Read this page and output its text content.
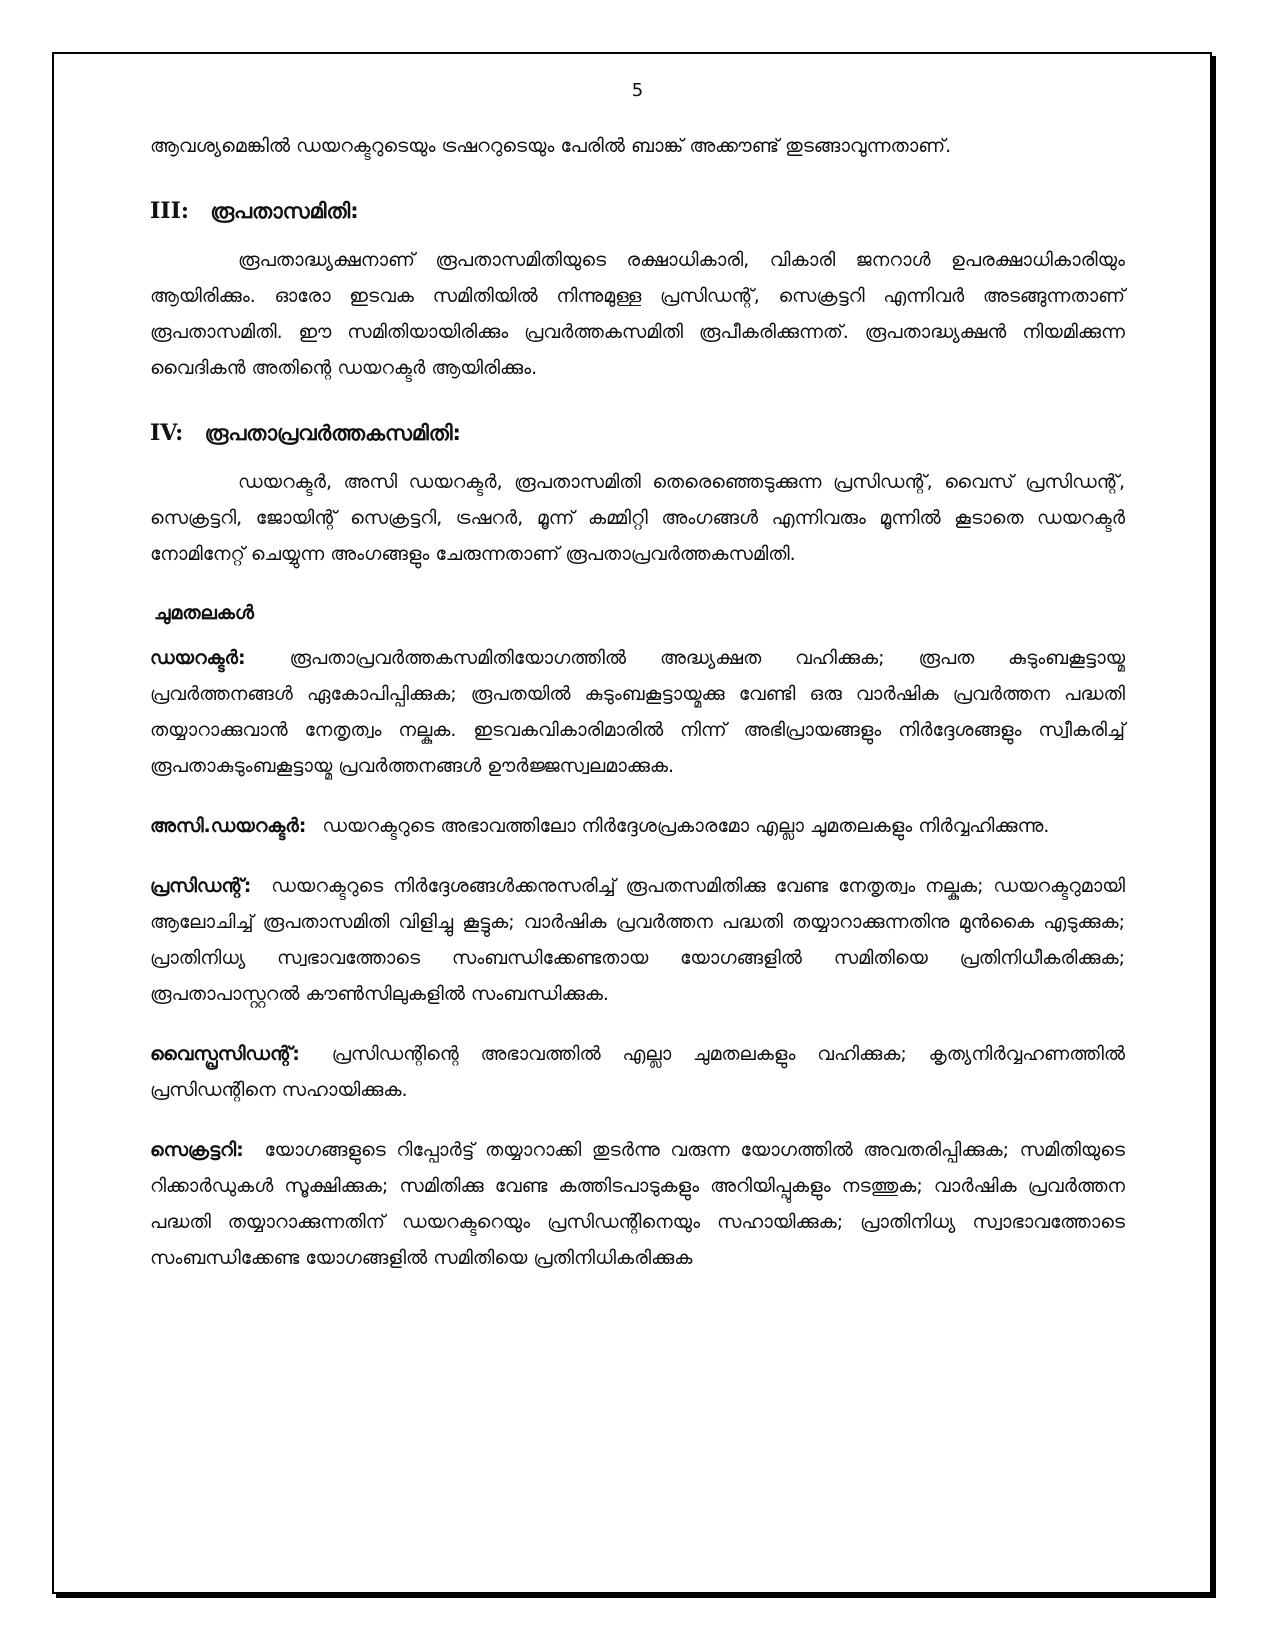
5

ആവശ്യമെങ്കിൽ ഡയറക്ടറുടെയും ട്രഷററുടെയും പേരിൽ ബാങ്ക് അക്കൗണ്ട് തുടങ്ങാവുന്നതാണ്.

III: രൂപതാസമിതി:

രൂപതാദ്ധ്യക്ഷനാണ് രൂപതാസമിതിയുടെ രക്ഷാധികാരി, വികാരി ജനറാൾ ഉപരക്ഷാധികാരിയും ആയിരിക്കും. ഓരോ ഇടവക സമിതിയിൽ നിന്നുമുള്ള പ്രസിഡന്റ്, സെക്രട്ടറി എന്നിവർ അടങ്ങുന്നതാണ് രൂപതാസമിതി. ഈ സമിതിയായിരിക്കും പ്രവർത്തകസമിതി രൂപീകരിക്കുന്നത്. രൂപതാദ്ധ്യക്ഷൻ നിയമിക്കുന്ന വൈദികൻ അതിന്റെ ഡയറക്ടർ ആയിരിക്കും.

IV: രൂപതാപ്രവർത്തകസമിതി:

ഡയറക്ടർ, അസി ഡയറക്ടർ, രൂപതാസമിതി തെരെഞ്ഞെടുക്കുന്ന പ്രസിഡന്റ്, വൈസ് പ്രസിഡന്റ്, സെക്രട്ടറി, ജോയിന്റ് സെക്രട്ടറി, ട്രഷറർ, മൂന്ന് കമ്മിറ്റി അംഗങ്ങൾ എന്നിവരും മൂന്നിൽ കൂടാതെ ഡയറക്ടർ നോമിനേറ്റ് ചെയ്യുന്ന അംഗങ്ങളും ചേരുന്നതാണ് രൂപതാപ്രവർത്തകസമിതി.

ചുമതലകൾ

ഡയറക്ടർ: രൂപതാപ്രവർത്തകസമിതിയോഗത്തിൽ അദ്ധ്യക്ഷത വഹിക്കുക; രൂപത കുടുംബകൂട്ടായ്മ പ്രവർത്തനങ്ങൾ ഏകോപിപ്പിക്കുക; രൂപതയിൽ കുടുംബകൂട്ടായ്മക്കു വേണ്ടി ഒരു വാർഷിക പ്രവർത്തന പദ്ധതി തയ്യാറാക്കുവാൻ നേതൃത്വം നല്കുക. ഇടവകവികാരിമാരിൽ നിന്ന് അഭിപ്രായങ്ങളും നിർദ്ദേശങ്ങളും സ്വീകരിച്ച് രൂപതാകുടുംബകൂട്ടായ്മ പ്രവർത്തനങ്ങൾ ഊർജ്ജസ്വലമാക്കുക.

അസി.ഡയറക്ടർ: ഡയറക്ടറുടെ അഭാവത്തിലോ നിർദ്ദേശപ്രകാരമോ എല്ലാ ചുമതലകളും നിർവ്വഹിക്കുന്നു.

പ്രസിഡന്റ്: ഡയറക്ടറുടെ നിർദ്ദേശങ്ങൾക്കനുസരിച്ച് രൂപതസമിതിക്കു വേണ്ട നേതൃത്വം നല്കുക; ഡയറക്ടറുമായി ആലോചിച്ച് രൂപതാസമിതി വിളിച്ചു കൂട്ടുക; വാർഷിക പ്രവർത്തന പദ്ധതി തയ്യാറാക്കുന്നതിനു മുൻകൈ എടുക്കുക; പ്രാതിനിധ്യ സ്വഭാവത്തോടെ സംബന്ധിക്കേണ്ടതായ യോഗങ്ങളിൽ സമിതിയെ പ്രതിനിധീകരിക്കുക; രൂപതാപാസ്റ്ററൽ കൗൺസിലുകളിൽ സംബന്ധിക്കുക.

വൈസ്പ്രസിഡന്റ്: പ്രസിഡന്റിന്റെ അഭാവത്തിൽ എല്ലാ ചുമതലകളും വഹിക്കുക; കൃത്യനിർവ്വഹണത്തിൽ പ്രസിഡന്റിനെ സഹായിക്കുക.

സെക്രട്ടറി: യോഗങ്ങളുടെ റിപ്പോർട്ട് തയ്യാറാക്കി തുടർന്നു വരുന്ന യോഗത്തിൽ അവതരിപ്പിക്കുക; സമിതിയുടെ റിക്കാർഡുകൾ സൂക്ഷിക്കുക; സമിതിക്കു വേണ്ട കത്തിടപാടുകളും അറിയിപ്പുകളും നടത്തുക; വാർഷിക പ്രവർത്തന പദ്ധതി തയ്യാറാക്കുന്നതിന് ഡയറക്ടറെയും പ്രസിഡന്റിനെയും സഹായിക്കുക; പ്രാതിനിധ്യ സ്വാഭാവത്തോടെ സംബന്ധിക്കേണ്ട യോഗങ്ങളിൽ സമിതിയെ പ്രതിനിധികരിക്കുക
